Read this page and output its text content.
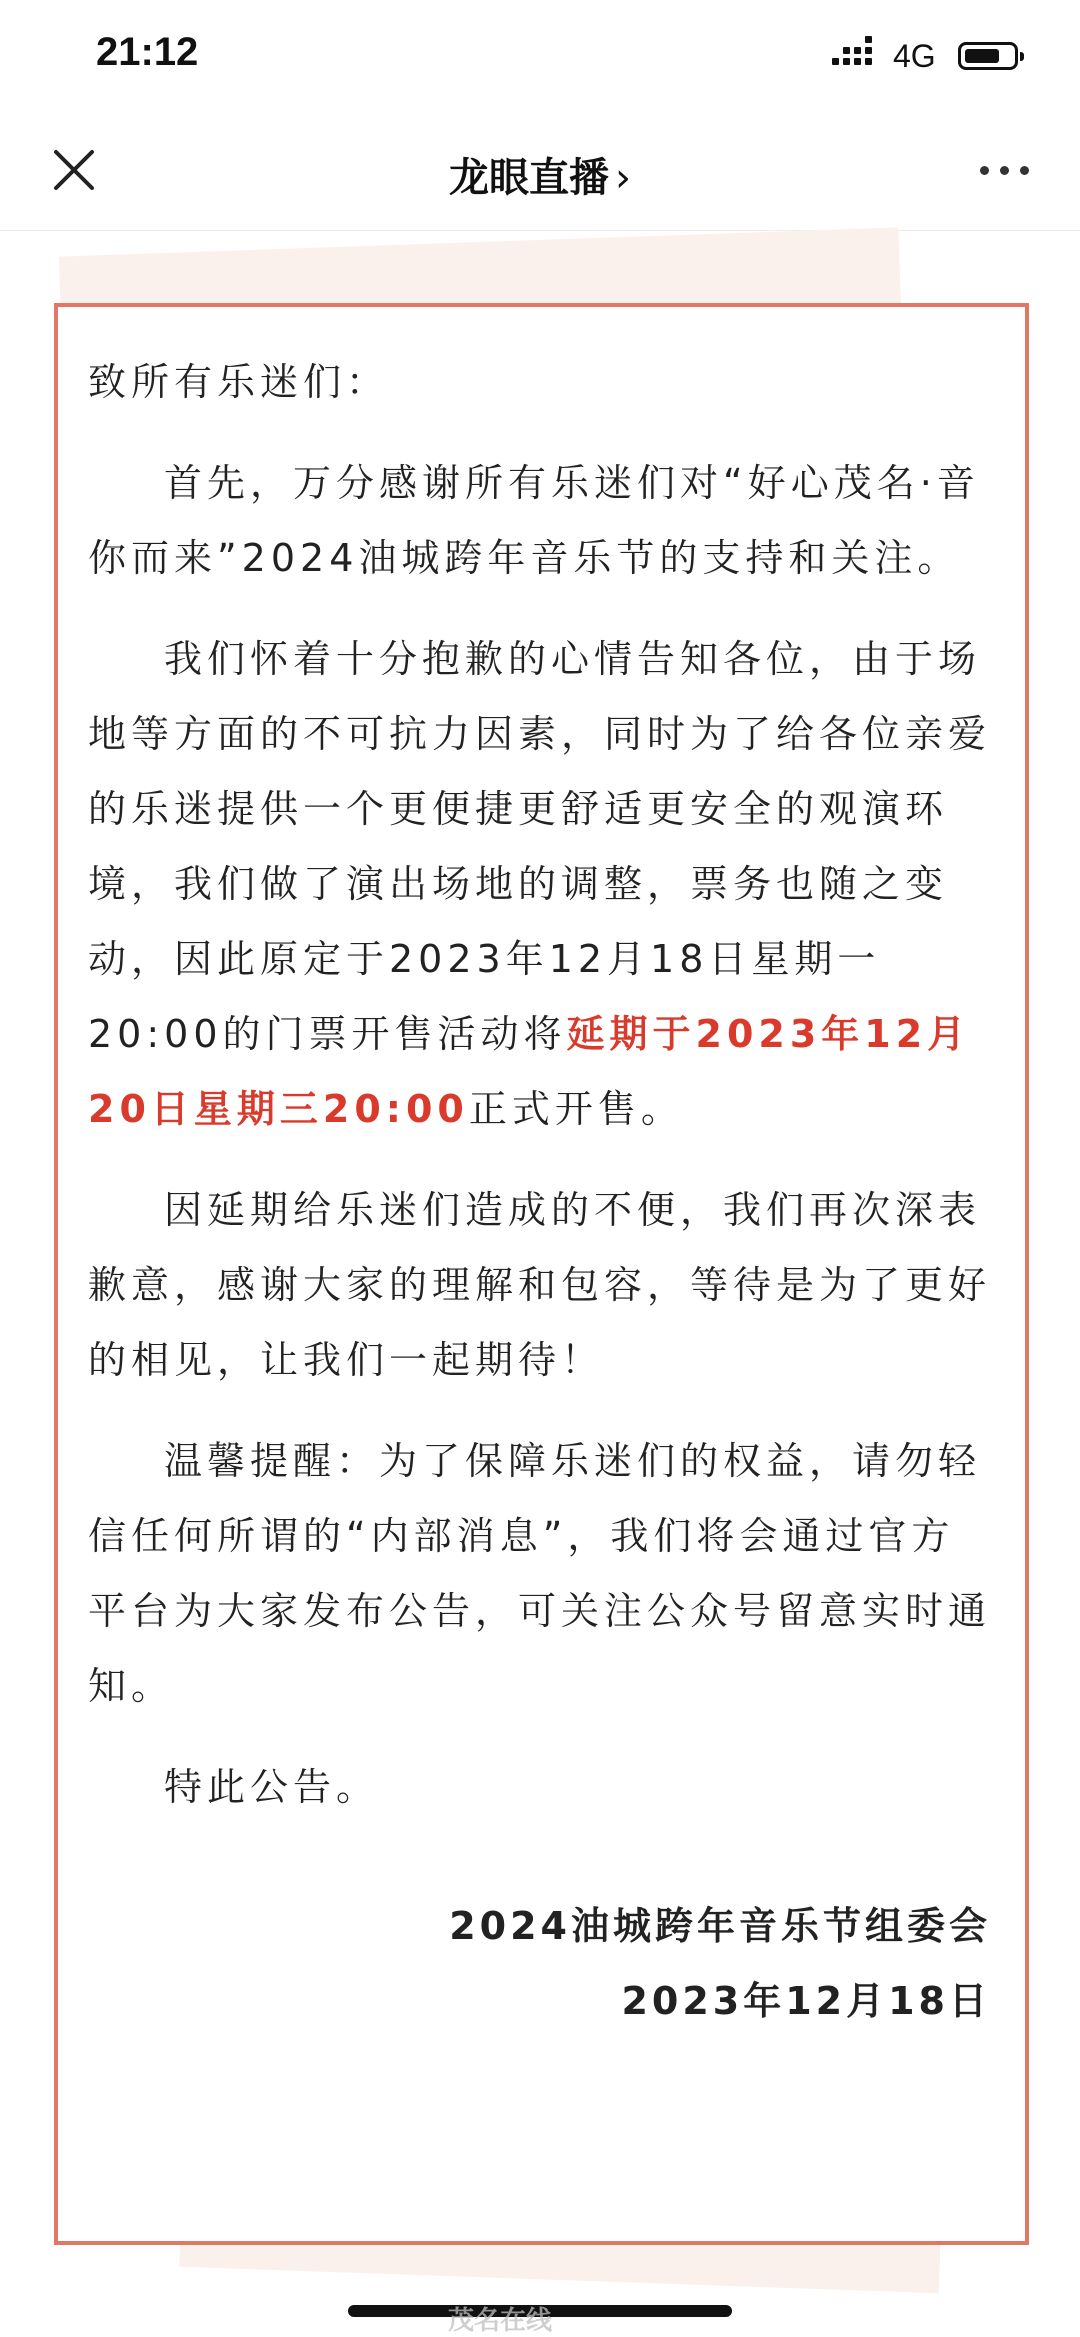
21:12	4G
龙眼直播 ›

致所有乐迷们：

首先，万分感谢所有乐迷们对“好心茂名·音你而来”2024油城跨年音乐节的支持和关注。

我们怀着十分抱歉的心情告知各位，由于场地等方面的不可抗力因素，同时为了给各位亲爱的乐迷提供一个更便捷更舒适更安全的观演环境，我们做了演出场地的调整，票务也随之变动，因此原定于2023年12月18日星期一20:00的门票开售活动将延期于2023年12月20日星期三20:00正式开售。

因延期给乐迷们造成的不便，我们再次深表歉意，感谢大家的理解和包容，等待是为了更好的相见，让我们一起期待！

温馨提醒：为了保障乐迷们的权益，请勿轻信任何所谓的“内部消息”，我们将会通过官方平台为大家发布公告，可关注公众号留意实时通知。

特此公告。

2024油城跨年音乐节组委会
2023年12月18日
茂名在线
